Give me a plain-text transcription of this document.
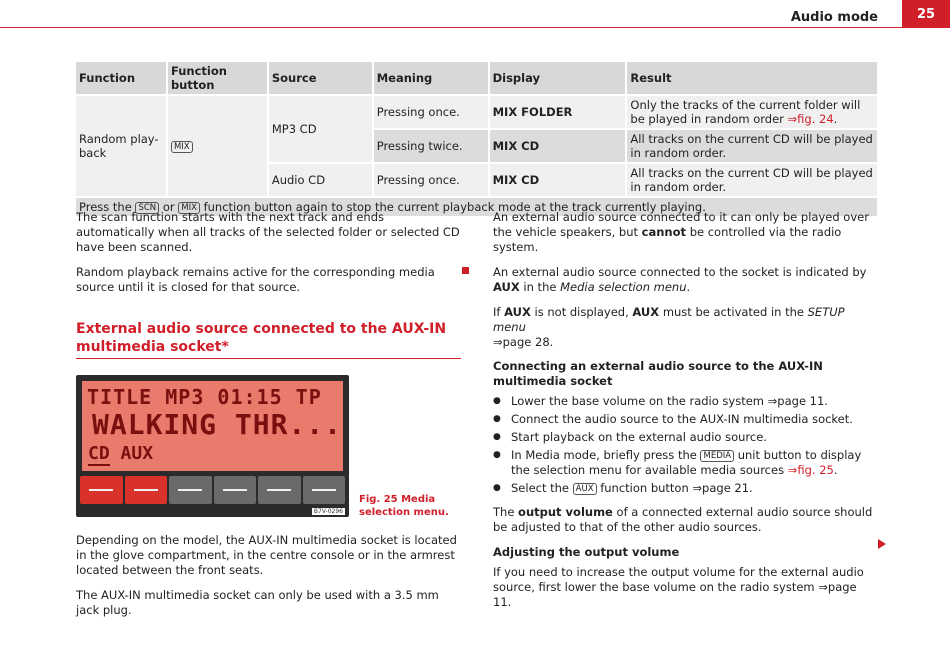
Audio mode	25
Function	Function button	Source	Meaning	Display	Result
Random play-
back	MIX	MP3 CD	Pressing once.	MIX FOLDER	Only the tracks of the current folder will be played in random order ⇒fig. 24.
			Pressing twice.	MIX CD	All tracks on the current CD will be played in random order.
		Audio CD	Pressing once.	MIX CD	All tracks on the current CD will be played in random order.
Press the SCN or MIX function button again to stop the current playback mode at the track currently playing.					

The scan function starts with the next track and ends automatically when all tracks of the selected folder or selected CD have been scanned.

Random playback remains active for the corresponding media source until it is closed for that source.

External audio source connected to the AUX-IN multimedia socket*
TITLE MP3 01:15 TP
WALKING THR...
CD AUX
B7V-0296
Fig. 25 Media selection menu.

Depending on the model, the AUX-IN multimedia socket is located in the glove compartment, in the centre console or in the armrest located between the front seats.

The AUX-IN multimedia socket can only be used with a 3.5 mm jack plug.

An external audio source connected to it can only be played over the vehicle speakers, but cannot be controlled via the radio system.

An external audio source connected to the socket is indicated by AUX in the Media selection menu.

If AUX is not displayed, AUX must be activated in the SETUP menu
⇒page 28.

Connecting an external audio source to the AUX-IN multimedia socket

● Lower the base volume on the radio system ⇒page 11.
● Connect the audio source to the AUX-IN multimedia socket.
● Start playback on the external audio source.
● In Media mode, briefly press the MEDIA unit button to display the selection menu for available media sources ⇒fig. 25.
● Select the AUX function button ⇒page 21.

The output volume of a connected external audio source should be adjusted to that of the other audio sources.

Adjusting the output volume

If you need to increase the output volume for the external audio source, first lower the base volume on the radio system ⇒page 11.
